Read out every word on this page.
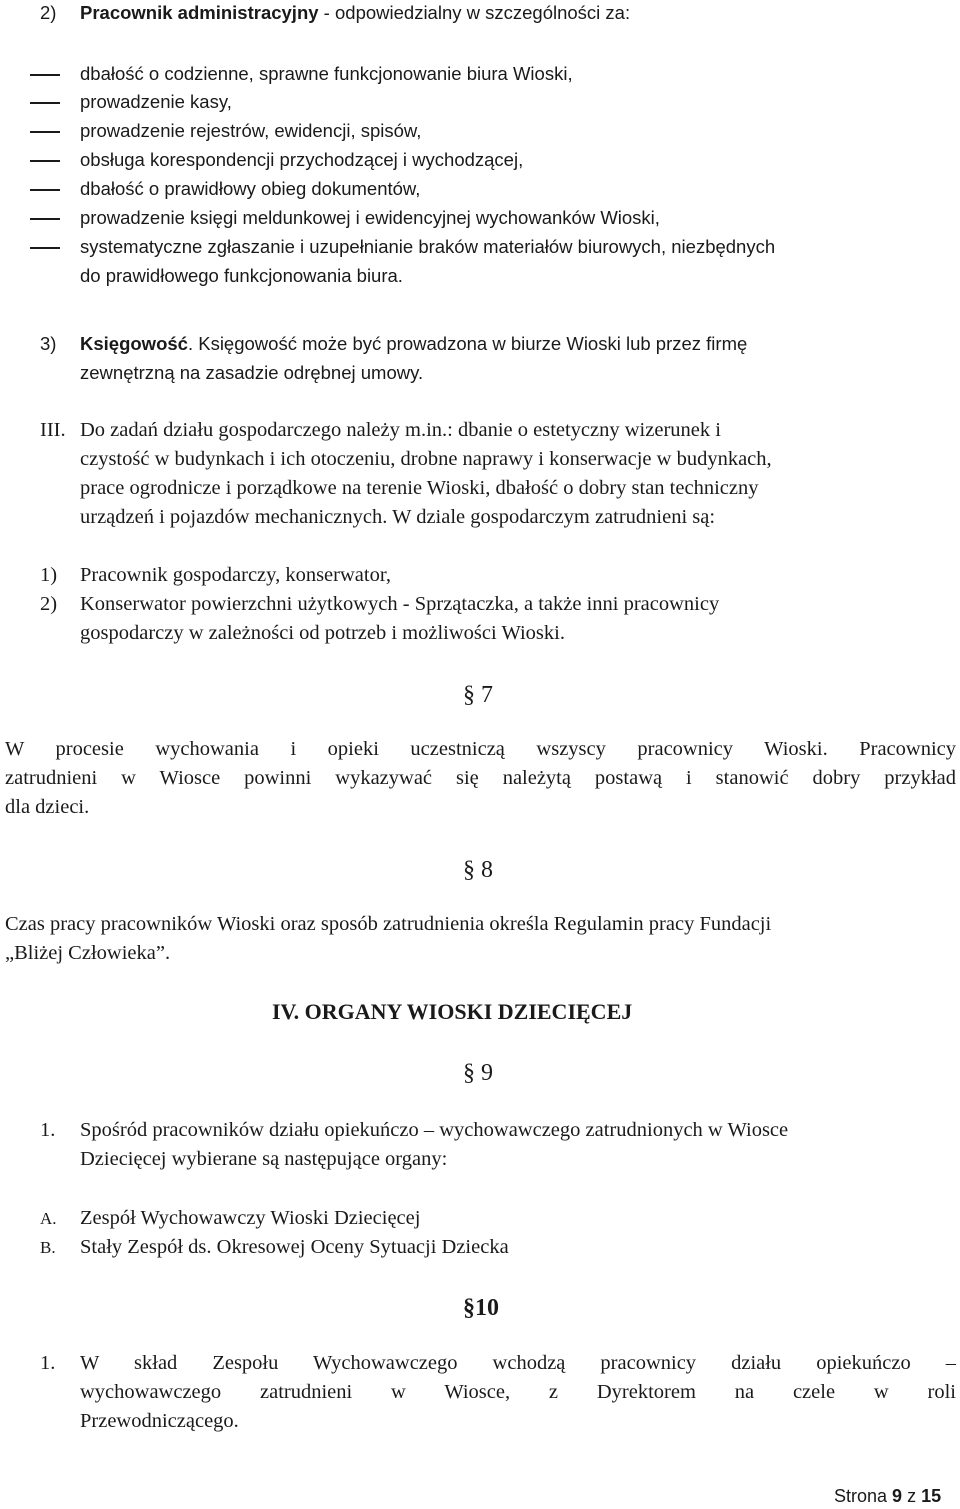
2) Pracownik administracyjny - odpowiedzialny w szczególności za:
dbałość o codzienne, sprawne funkcjonowanie biura Wioski,
prowadzenie kasy,
prowadzenie rejestrów, ewidencji, spisów,
obsługa korespondencji przychodzącej i wychodzącej,
dbałość o prawidłowy obieg dokumentów,
prowadzenie księgi meldunkowej i ewidencyjnej wychowanków Wioski,
systematyczne zgłaszanie i uzupełnianie braków materiałów biurowych, niezbędnych
do prawidłowego funkcjonowania biura.
3) Księgowość. Księgowość może być prowadzona w biurze Wioski lub przez firmę
zewnętrzną na zasadzie odrębnej umowy.
III. Do zadań działu gospodarczego należy m.in.: dbanie o estetyczny wizerunek i
czystość w budynkach i ich otoczeniu, drobne naprawy i konserwacje w budynkach,
prace ogrodnicze i porządkowe na terenie Wioski, dbałość o dobry stan techniczny
urządzeń i pojazdów mechanicznych. W dziale gospodarczym zatrudnieni są:
1) Pracownik gospodarczy, konserwator,
2) Konserwator powierzchni użytkowych - Sprzątaczka, a także inni pracownicy
gospodarczy w zależności od potrzeb i możliwości Wioski.
§ 7
W procesie wychowania i opieki uczestniczą wszyscy pracownicy Wioski. Pracownicy
zatrudnieni w Wiosce powinni wykazywać się należytą postawą i stanowić dobry przykład
dla dzieci.
§ 8
Czas pracy pracowników Wioski oraz sposób zatrudnienia określa Regulamin pracy Fundacji
„Bliżej Człowieka”.
IV. ORGANY WIOSKI DZIECIĘCEJ
§ 9
1. Spośród pracowników działu opiekuńczo – wychowawczego zatrudnionych w Wiosce
Dziecięcej wybierane są następujące organy:
A. Zespół Wychowawczy Wioski Dziecięcej
B. Stały Zespół ds. Okresowej Oceny Sytuacji Dziecka
§10
1. W skład Zespołu Wychowawczego wchodzą pracownicy działu opiekuńczo –
wychowawczego zatrudnieni w Wiosce, z Dyrektorem na czele w roli
Przewodniczącego.
Strona 9 z 15
